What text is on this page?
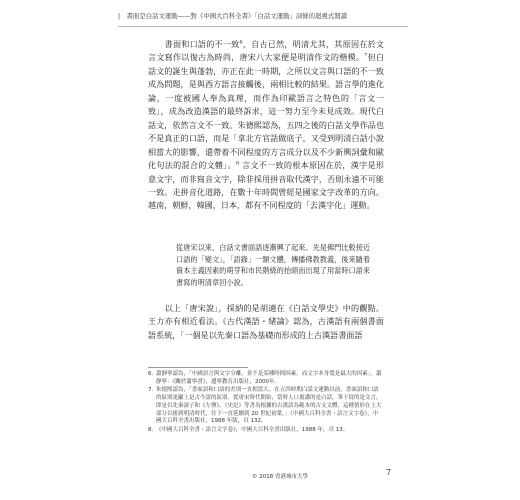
|　書面是白話文運動——對《中國大百科全書》「白話文運動」詞條的迴視式閱讀

　　書面和口語的不一致$^6$，自古已然，明清尤其，其原因在於文言文寫作以復古為時尚，唐宋八大家便是明清作文的楷模。$^7$但白話文的誕生與蓬勃，亦正在此一時期，之所以文言與口語的不一致成為問題，是與西方語言接觸後，兩相比較的結果。語言學的進化論，一度被國人奉為真理，而作為印歐語言之特色的「言文一致」，成為改造漢語的最終訴求，這一努力至今未見成效。現代白話文，依然言文不一致。朱德熙認為，五四之後的白話文學作品也不是真正的口語，而是「拿北方官話做底子，又受到明清白話小說相當大的影響，還帶着不同程度的方言成分以及不少新興詞彙和歐化句法的混合的文體」。$^8$ 言文不一致的根本原因在於，漢字是形意文字，而非寫音文字，除非採用拼音取代漢字，否則永遠不可能一致。走拼音化道路，在數十年時間曾經是國家文字改革的方向。越南，朝鮮，韓國，日本，都有不同程度的「去漢字化」運動。

從唐宋以來，白話文書面語逐漸興了起來。先是佛門比較接近口語的「變文」，「語錄」一類文體，傳播佛教教義，後來隨着資本主義因素的萌芽和市民階級的抬頭而出現了用當時口語來書寫的明清章回小說。

　　以上「唐宋說」，採納的是胡適在《白話文學史》中的觀點。王力亦有相近看法。《古代漢語・緒論》認為，古漢語有兩個書面語系統，「一個是以先秦口語為基礎而形成的上古漢語書面語

6. 蕭靜寧認為，「中國語言與文字分離，並不是某種時間因素，而文字本身寬是最大的因素」。蕭靜寧：《關於蕭寧書》，遼寧教育出版社，2000年。
7. 朱德熙認為，「書面語和口語的差別一直相當大。在五四時期白話文運動以前，書面語和口語的區別更顯上是古今語的區別。從唐宋時代開始，當時人口裏講的是白話，筆下寫的是文言，即是以先秦諸子和《左傳》、《史記》等書為根據的古漢語為範本的古文文體。這種情形在上大部分以後到明清時代，往下一直延續到 20 世紀初葉。」《中國大百科全書・語言文字卷》，中國大百科全書出版社，1988 年版，頁 132。
8. 《中國大百科全書・語言文字卷》，中國大百科全書出版社，1988 年，頁 13。
© 2018 香港城市大學	7
